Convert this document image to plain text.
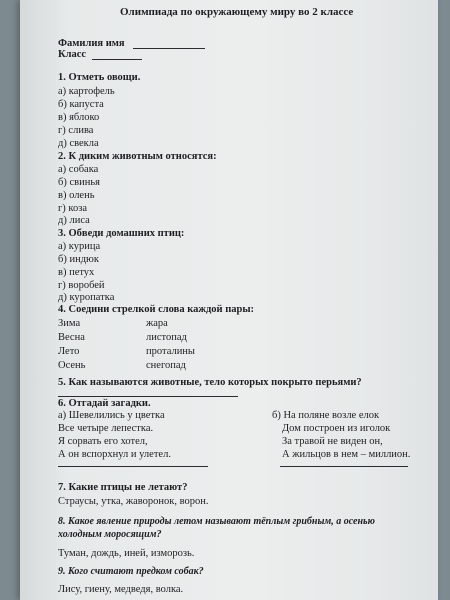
Олимпиада по окружающему миру во 2 классе
Фамилия имя
Класс
1. Отметь овощи.
а) картофель
б) капуста
в) яблоко
г) слива
д) свекла
2. К диким животным относятся:
а) собака
б) свинья
в) олень
г) коза
д) лиса
3. Обведи домашних птиц:
а) курица
б) индюк
в) петух
г) воробей
д) куропатка
4. Соедини стрелкой слова каждой пары:
Зима
Весна
Лето
Осень
жара
листопад
проталины
снегопад
5. Как называются животные, тело которых покрыто перьями?
6. Отгадай загадки.
а) Шевелились у цветка
Все четыре лепестка.
Я сорвать его хотел,
А он вспорхнул и улетел.
б) На поляне возле елок
Дом построен из иголок
За травой не виден он,
А жильцов в нем – миллион.
7. Какие птицы не летают?
Страусы, утка, жаворонок, ворон.
8. Какое явление природы летом называют тёплым грибным, а осенью
холодным моросящим?
Туман, дождь, иней, изморозь.
9. Кого считают предком собак?
Лису, гиену, медведя, волка.
